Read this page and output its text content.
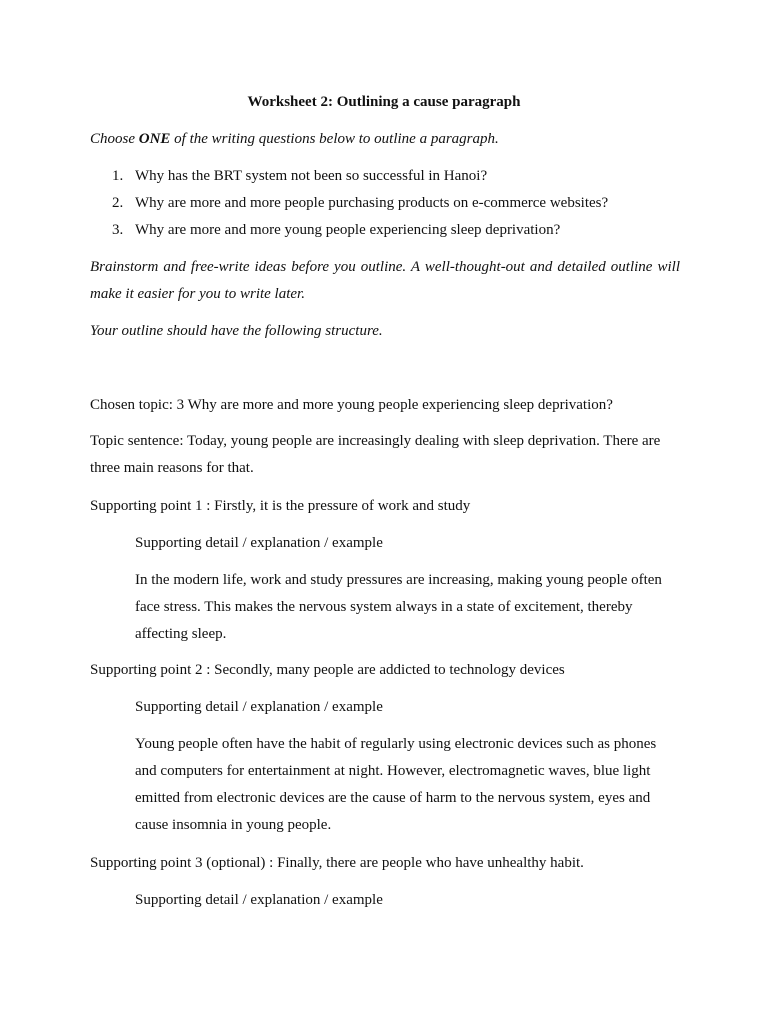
Worksheet 2: Outlining a cause paragraph
Choose ONE of the writing questions below to outline a paragraph.
1. Why has the BRT system not been so successful in Hanoi?
2. Why are more and more people purchasing products on e-commerce websites?
3. Why are more and more young people experiencing sleep deprivation?
Brainstorm and free-write ideas before you outline. A well-thought-out and detailed outline will make it easier for you to write later.
Your outline should have the following structure.
Chosen topic: 3 Why are more and more young people experiencing sleep deprivation?
Topic sentence: Today, young people are increasingly dealing with sleep deprivation. There are three main reasons for that.
Supporting point 1 : Firstly, it is the pressure of work and study
Supporting detail / explanation / example
In the modern life, work and study pressures are increasing, making young people often face stress. This makes the nervous system always in a state of excitement, thereby affecting sleep.
Supporting point 2 : Secondly, many people are addicted to technology devices
Supporting detail / explanation / example
Young people often have the habit of regularly using electronic devices such as phones and computers for entertainment at night. However, electromagnetic waves, blue light emitted from electronic devices are the cause of harm to the nervous system, eyes and cause insomnia in young people.
Supporting point 3 (optional) : Finally, there are people who have unhealthy habit.
Supporting detail / explanation / example
